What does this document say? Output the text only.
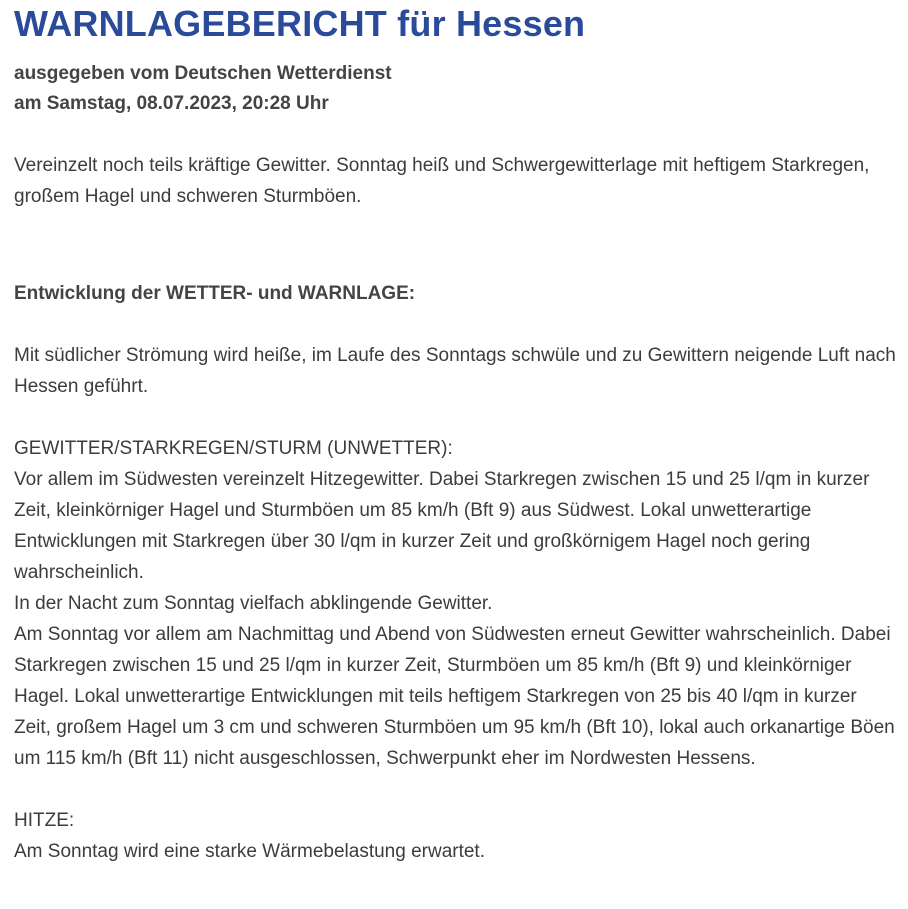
WARNLAGEBERICHT für Hessen
ausgegeben vom Deutschen Wetterdienst
am Samstag, 08.07.2023, 20:28 Uhr

Vereinzelt noch teils kräftige Gewitter. Sonntag heiß und Schwergewitterlage mit heftigem Starkregen, großem Hagel und schweren Sturmböen.

Entwicklung der WETTER- und WARNLAGE:

Mit südlicher Strömung wird heiße, im Laufe des Sonntags schwüle und zu Gewittern neigende Luft nach Hessen geführt.

GEWITTER/STARKREGEN/STURM (UNWETTER):
Vor allem im Südwesten vereinzelt Hitzegewitter. Dabei Starkregen zwischen 15 und 25 l/qm in kurzer Zeit, kleinkörniger Hagel und Sturmböen um 85 km/h (Bft 9) aus Südwest. Lokal unwetterartige Entwicklungen mit Starkregen über 30 l/qm in kurzer Zeit und großkörnigem Hagel noch gering wahrscheinlich.
In der Nacht zum Sonntag vielfach abklingende Gewitter.
Am Sonntag vor allem am Nachmittag und Abend von Südwesten erneut Gewitter wahrscheinlich. Dabei Starkregen zwischen 15 und 25 l/qm in kurzer Zeit, Sturmböen um 85 km/h (Bft 9) und kleinkörniger Hagel. Lokal unwetterartige Entwicklungen mit teils heftigem Starkregen von 25 bis 40 l/qm in kurzer Zeit, großem Hagel um 3 cm und schweren Sturmböen um 95 km/h (Bft 10), lokal auch orkanartige Böen um 115 km/h (Bft 11) nicht ausgeschlossen, Schwerpunkt eher im Nordwesten Hessens.
HITZE:
Am Sonntag wird eine starke Wärmebelastung erwartet.
